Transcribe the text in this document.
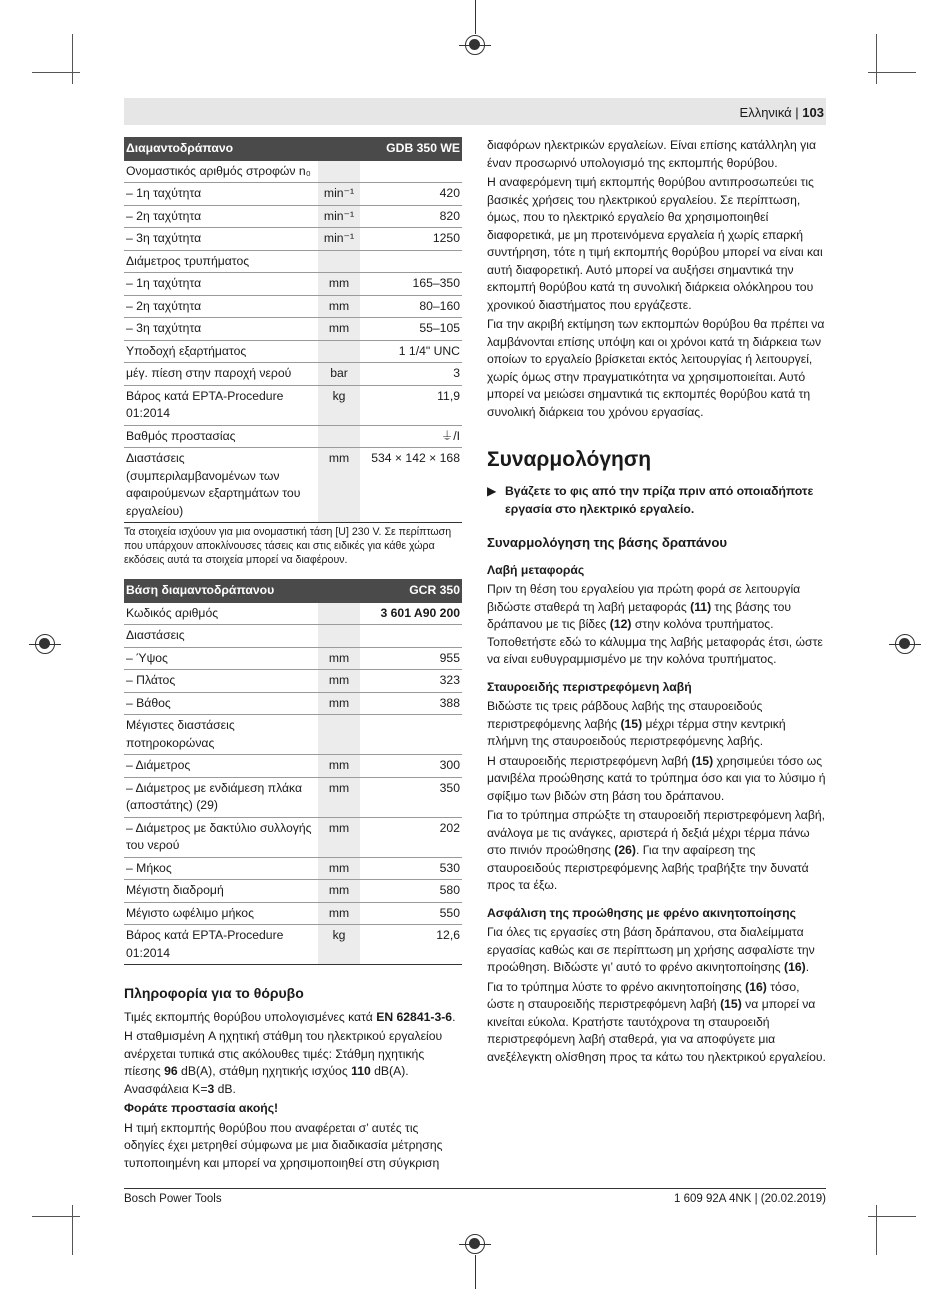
Ελληνικά | 103
Διαμαντοδράπανο		GDB 350 WE
Ονομαστικός αριθμός στροφών n₀		
– 1η ταχύτητα	min⁻¹	420
– 2η ταχύτητα	min⁻¹	820
– 3η ταχύτητα	min⁻¹	1250
Διάμετρος τρυπήματος		
– 1η ταχύτητα	mm	165–350
– 2η ταχύτητα	mm	80–160
– 3η ταχύτητα	mm	55–105
Υποδοχή εξαρτήματος		1 1/4" UNC
μέγ. πίεση στην παροχή νερού	bar	3
Βάρος κατά EPTA‑Procedure 01:2014	kg	11,9
Βαθμός προστασίας		⏚/I
Διαστάσεις (συμπεριλαμβανομένων των αφαιρούμενων εξαρτημάτων του εργαλείου)	mm	534 × 142 × 168
Τα στοιχεία ισχύουν για μια ονομαστική τάση [U] 230 V. Σε περίπτωση που υπάρχουν αποκλίνουσες τάσεις και στις ειδικές για κάθε χώρα εκδόσεις αυτά τα στοιχεία μπορεί να διαφέρουν.
Βάση διαμαντοδράπανου		GCR 350
Κωδικός αριθμός		3 601 A90 200
Διαστάσεις		
– Ύψος	mm	955
– Πλάτος	mm	323
– Βάθος	mm	388
Μέγιστες διαστάσεις ποτηροκορώνας		
– Διάμετρος	mm	300
– Διάμετρος με ενδιάμεση πλάκα (αποστάτης) (29)	mm	350
– Διάμετρος με δακτύλιο συλλογής του νερού	mm	202
– Μήκος	mm	530
Μέγιστη διαδρομή	mm	580
Μέγιστο ωφέλιμο μήκος	mm	550
Βάρος κατά EPTA‑Procedure 01:2014	kg	12,6
Πληροφορία για το θόρυβο

Τιμές εκπομπής θορύβου υπολογισμένες κατά EN 62841-3-6.

Η σταθμισμένη A ηχητική στάθμη του ηλεκτρικού εργαλείου ανέρχεται τυπικά στις ακόλουθες τιμές: Στάθμη ηχητικής πίεσης 96 dB(A), στάθμη ηχητικής ισχύος 110 dB(A). Ανασφάλεια K=3 dB.

Φοράτε προστασία ακοής!

Η τιμή εκπομπής θορύβου που αναφέρεται σ’ αυτές τις οδηγίες έχει μετρηθεί σύμφωνα με μια διαδικασία μέτρησης τυποποιημένη και μπορεί να χρησιμοποιηθεί στη σύγκριση

διαφόρων ηλεκτρικών εργαλείων. Είναι επίσης κατάλληλη για έναν προσωρινό υπολογισμό της εκπομπής θορύβου.

Η αναφερόμενη τιμή εκπομπής θορύβου αντιπροσωπεύει τις βασικές χρήσεις του ηλεκτρικού εργαλείου. Σε περίπτωση, όμως, που το ηλεκτρικό εργαλείο θα χρησιμοποιηθεί διαφορετικά, με μη προτεινόμενα εργαλεία ή χωρίς επαρκή συντήρηση, τότε η τιμή εκπομπής θορύβου μπορεί να είναι και αυτή διαφορετική. Αυτό μπορεί να αυξήσει σημαντικά την εκπομπή θορύβου κατά τη συνολική διάρκεια ολόκληρου του χρονικού διαστήματος που εργάζεστε.

Για την ακριβή εκτίμηση των εκπομπών θορύβου θα πρέπει να λαμβάνονται επίσης υπόψη και οι χρόνοι κατά τη διάρκεια των οποίων το εργαλείο βρίσκεται εκτός λειτουργίας ή λειτουργεί, χωρίς όμως στην πραγματικότητα να χρησιμοποιείται. Αυτό μπορεί να μειώσει σημαντικά τις εκπομπές θορύβου κατά τη συνολική διάρκεια του χρόνου εργασίας.

Συναρμολόγηση
▶ Βγάζετε το φις από την πρίζα πριν από οποιαδήποτε εργασία στο ηλεκτρικό εργαλείο.
Συναρμολόγηση της βάσης δραπάνου
Λαβή μεταφοράς

Πριν τη θέση του εργαλείου για πρώτη φορά σε λειτουργία βιδώστε σταθερά τη λαβή μεταφοράς (11) της βάσης του δράπανου με τις βίδες (12) στην κολόνα τρυπήματος. Τοποθετήστε εδώ το κάλυμμα της λαβής μεταφοράς έτσι, ώστε να είναι ευθυγραμμισμένο με την κολόνα τρυπήματος.

Σταυροειδής περιστρεφόμενη λαβή

Βιδώστε τις τρεις ράβδους λαβής της σταυροειδούς περιστρεφόμενης λαβής (15) μέχρι τέρμα στην κεντρική πλήμνη της σταυροειδούς περιστρεφόμενης λαβής.

Η σταυροειδής περιστρεφόμενη λαβή (15) χρησιμεύει τόσο ως μανιβέλα προώθησης κατά το τρύπημα όσο και για το λύσιμο ή σφίξιμο των βιδών στη βάση του δράπανου.

Για το τρύπημα σπρώξτε τη σταυροειδή περιστρεφόμενη λαβή, ανάλογα με τις ανάγκες, αριστερά ή δεξιά μέχρι τέρμα πάνω στο πινιόν προώθησης (26). Για την αφαίρεση της σταυροειδούς περιστρεφόμενης λαβής τραβήξτε την δυνατά προς τα έξω.

Ασφάλιση της προώθησης με φρένο ακινητοποίησης

Για όλες τις εργασίες στη βάση δράπανου, στα διαλείμματα εργασίας καθώς και σε περίπτωση μη χρήσης ασφαλίστε την προώθηση. Βιδώστε γι’ αυτό το φρένο ακινητοποίησης (16).

Για το τρύπημα λύστε το φρένο ακινητοποίησης (16) τόσο, ώστε η σταυροειδής περιστρεφόμενη λαβή (15) να μπορεί να κινείται εύκολα. Κρατήστε ταυτόχρονα τη σταυροειδή περιστρεφόμενη λαβή σταθερά, για να αποφύγετε μια ανεξέλεγκτη ολίσθηση προς τα κάτω του ηλεκτρικού εργαλείου.

Bosch Power Tools	1 609 92A 4NK | (20.02.2019)
